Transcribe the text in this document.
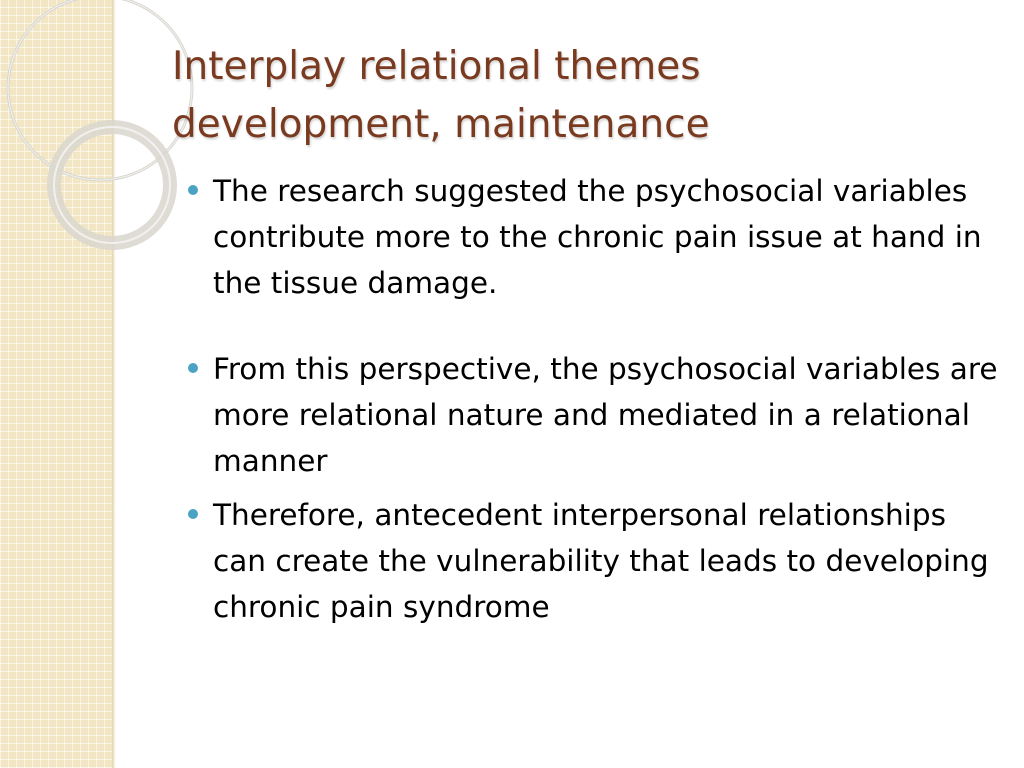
Interplay relational themes
development, maintenance
The research suggested the psychosocial variables contribute more to the chronic pain issue at hand in the tissue damage.
From this perspective, the psychosocial variables are more relational nature and mediated in a relational manner
Therefore, antecedent interpersonal relationships can create the vulnerability that leads to developing chronic pain syndrome
